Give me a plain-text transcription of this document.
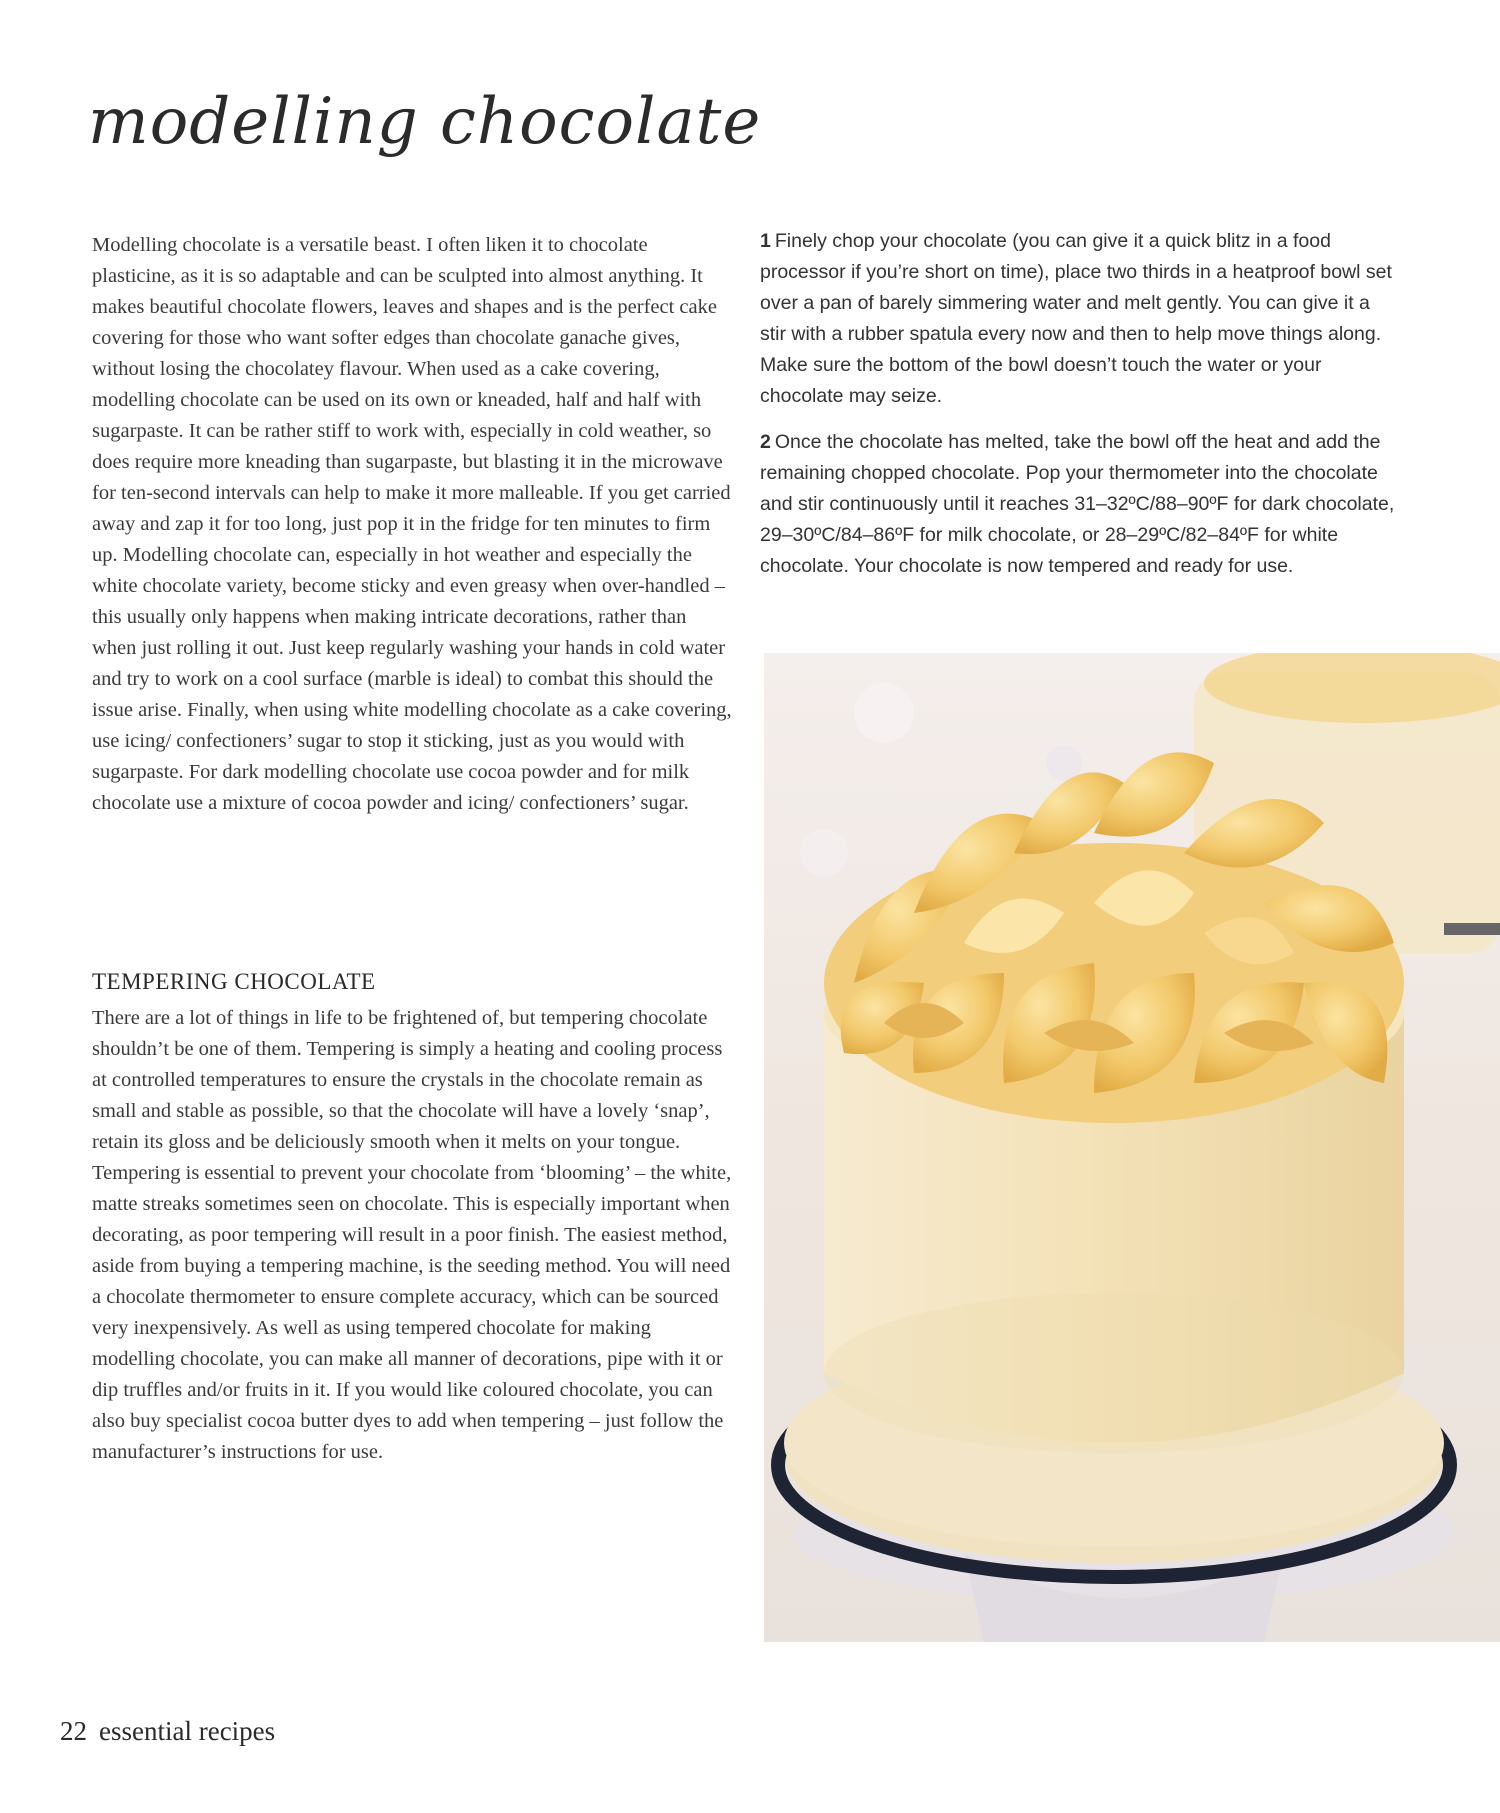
modelling chocolate

Modelling chocolate is a versatile beast. I often liken it to chocolate plasticine, as it is so adaptable and can be sculpted into almost anything. It makes beautiful chocolate flowers, leaves and shapes and is the perfect cake covering for those who want softer edges than chocolate ganache gives, without losing the chocolatey flavour. When used as a cake covering, modelling chocolate can be used on its own or kneaded, half and half with sugarpaste. It can be rather stiff to work with, especially in cold weather, so does require more kneading than sugarpaste, but blasting it in the microwave for ten-second intervals can help to make it more malleable. If you get carried away and zap it for too long, just pop it in the fridge for ten minutes to firm up. Modelling chocolate can, especially in hot weather and especially the white chocolate variety, become sticky and even greasy when over-handled – this usually only happens when making intricate decorations, rather than when just rolling it out. Just keep regularly washing your hands in cold water and try to work on a cool surface (marble is ideal) to combat this should the issue arise. Finally, when using white modelling chocolate as a cake covering, use icing/ confectioners’ sugar to stop it sticking, just as you would with sugarpaste. For dark modelling chocolate use cocoa powder and for milk chocolate use a mixture of cocoa powder and icing/ confectioners’ sugar.

TEMPERING CHOCOLATE

There are a lot of things in life to be frightened of, but tempering chocolate shouldn’t be one of them. Tempering is simply a heating and cooling process at controlled temperatures to ensure the crystals in the chocolate remain as small and stable as possible, so that the chocolate will have a lovely ‘snap’, retain its gloss and be deliciously smooth when it melts on your tongue. Tempering is essential to prevent your chocolate from ‘blooming’ – the white, matte streaks sometimes seen on chocolate. This is especially important when decorating, as poor tempering will result in a poor finish. The easiest method, aside from buying a tempering machine, is the seeding method. You will need a chocolate thermometer to ensure complete accuracy, which can be sourced very inexpensively. As well as using tempered chocolate for making modelling chocolate, you can make all manner of decorations, pipe with it or dip truffles and/or fruits in it. If you would like coloured chocolate, you can also buy specialist cocoa butter dyes to add when tempering – just follow the manufacturer’s instructions for use.

1 Finely chop your chocolate (you can give it a quick blitz in a food processor if you’re short on time), place two thirds in a heatproof bowl set over a pan of barely simmering water and melt gently. You can give it a stir with a rubber spatula every now and then to help move things along. Make sure the bottom of the bowl doesn’t touch the water or your chocolate may seize.

2 Once the chocolate has melted, take the bowl off the heat and add the remaining chopped chocolate. Pop your thermometer into the chocolate and stir continuously until it reaches 31–32ºC/88–90ºF for dark chocolate, 29–30ºC/84–86ºF for milk chocolate, or 28–29ºC/82–84ºF for white chocolate. Your chocolate is now tempered and ready for use.

22 essential recipes
